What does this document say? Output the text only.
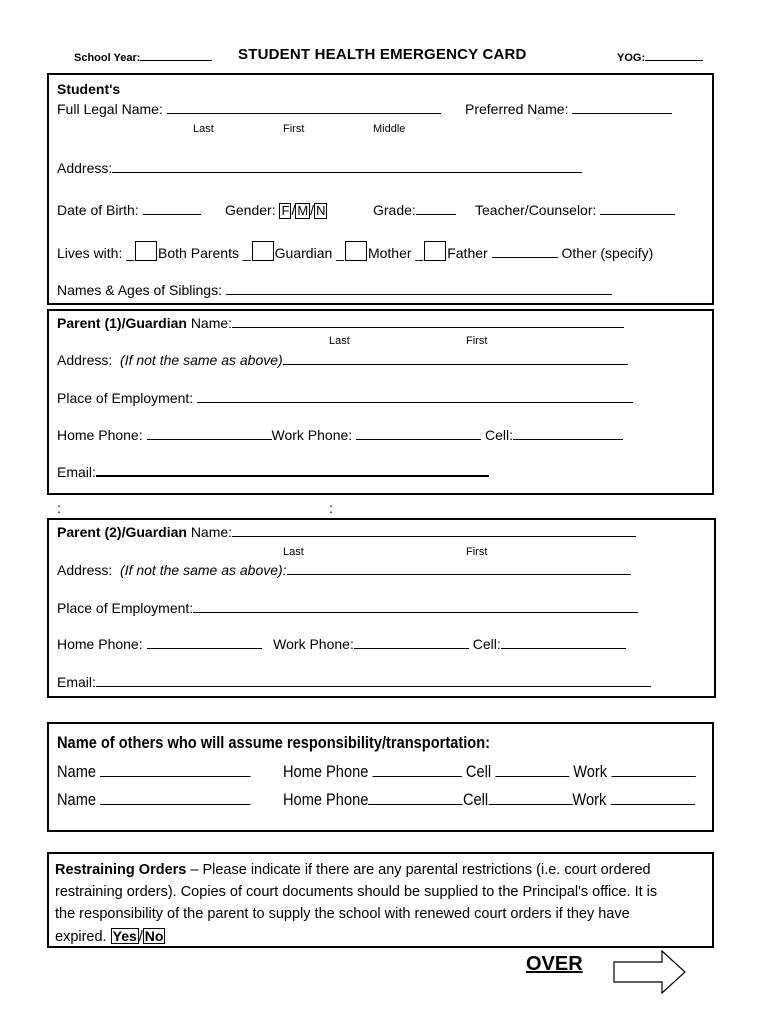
School Year:	STUDENT HEALTH EMERGENCY CARD	YOG:
Student's
Full Legal Name:	Preferred Name:
Last	First	Middle
Address:
Date of Birth:	Gender: F / M / N	Grade:	Teacher/Counselor:
Lives with: _ Both Parents _ Guardian _ Mother _ Father	Other (specify)
Names & Ages of Siblings:
Parent (1)/Guardian Name:
Last	First
Address: (If not the same as above)
Place of Employment:
Home Phone:	Work Phone:	Cell:
Email:
:	:
Parent (2)/Guardian Name:
Last	First
Address: (If not the same as above):
Place of Employment:
Home Phone:	Work Phone:	Cell:
Email:
Name of others who will assume responsibility/transportation:
Name	Home Phone	Cell	Work
Name	Home Phone	Cell	Work
Restraining Orders – Please indicate if there are any parental restrictions (i.e. court ordered
restraining orders). Copies of court documents should be supplied to the Principal's office. It is
the responsibility of the parent to supply the school with renewed court orders if they have
expired. Yes / No
OVER
